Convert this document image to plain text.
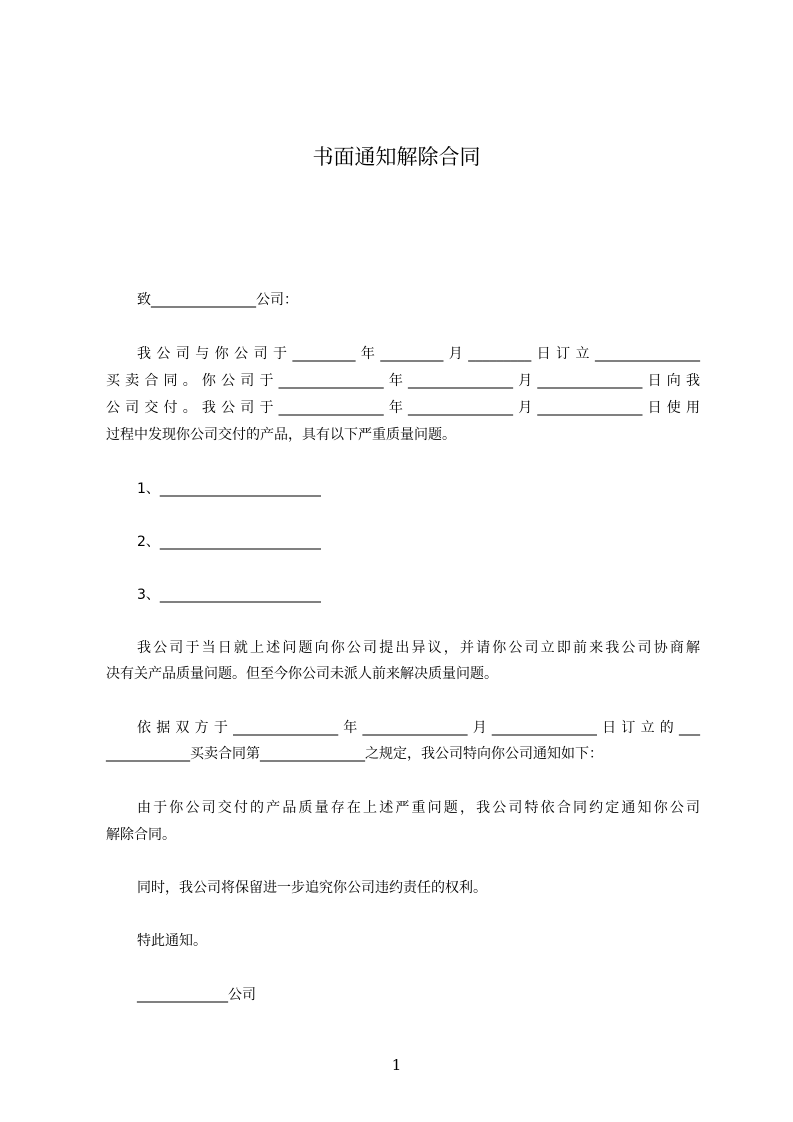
书面通知解除合同
致_______________公司：
我公司与你公司于_________年_________月_________日订立_______________
买卖合同。你公司于_______________年_______________月_______________日向我
公司交付。我公司于_______________年_______________月_______________日使用
过程中发现你公司交付的产品，具有以下严重质量问题。
1、_______________________
2、_______________________
3、_______________________
我公司于当日就上述问题向你公司提出异议，并请你公司立即前来我公司协商解
决有关产品质量问题。但至今你公司未派人前来解决质量问题。
依据双方于_______________年_______________月_______________日订立的___
____________买卖合同第_______________之规定，我公司特向你公司通知如下：
由于你公司交付的产品质量存在上述严重问题，我公司特依合同约定通知你公司
解除合同。
同时，我公司将保留进一步追究你公司违约责任的权利。
特此通知。
_____________公司
1
